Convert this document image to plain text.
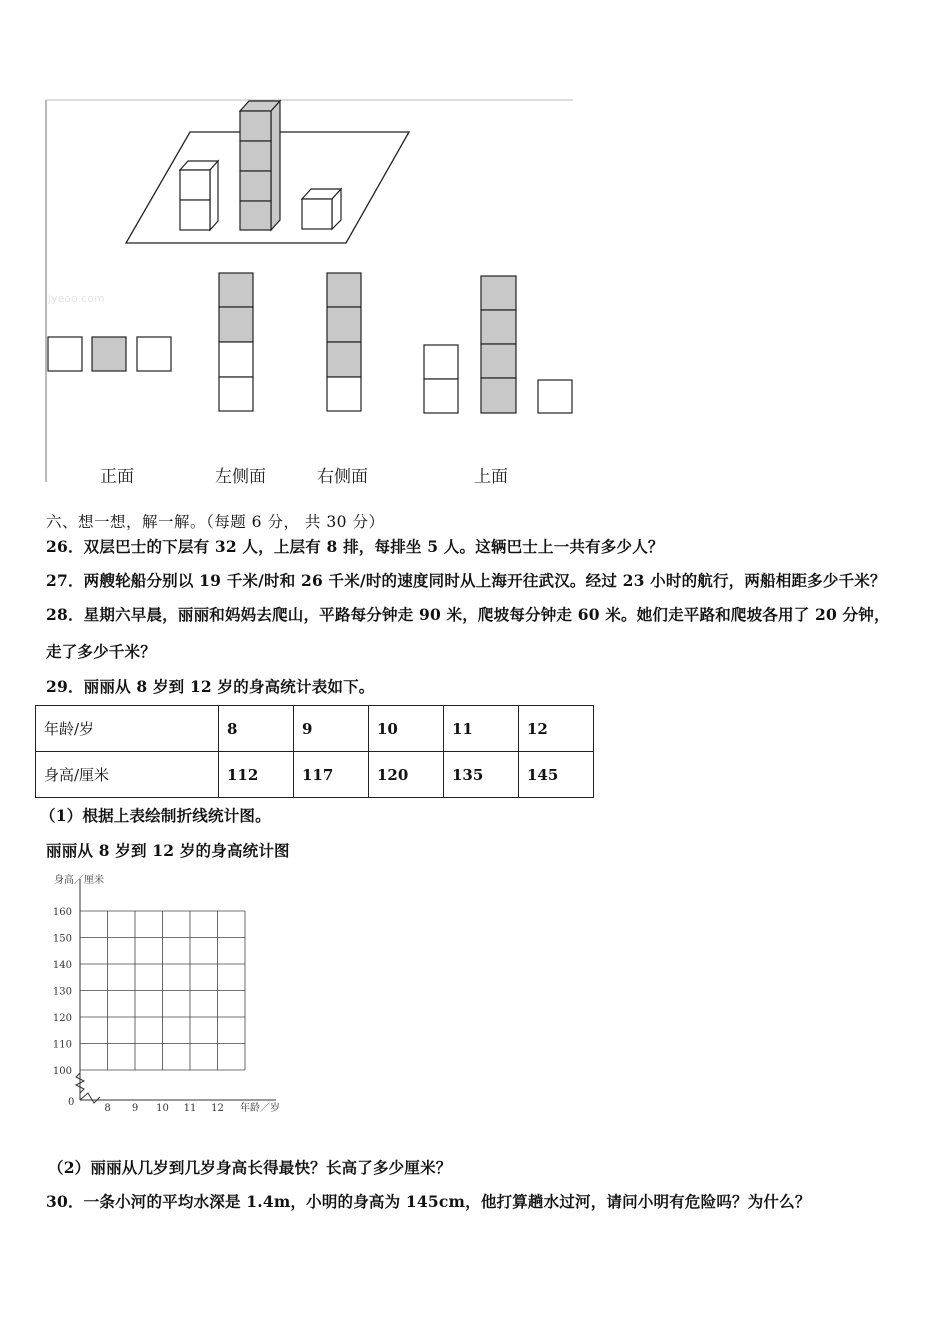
jyeoo.com
正面	左侧面	右侧面	上面
六、想一想，解一解。（每题 6 分， 共 30 分）
26．双层巴士的下层有 32 人，上层有 8 排，每排坐 5 人。这辆巴士上一共有多少人？
27．两艘轮船分别以 19 千米/时和 26 千米/时的速度同时从上海开往武汉。经过 23 小时的航行，两船相距多少千米？
28．星期六早晨，丽丽和妈妈去爬山，平路每分钟走 90 米，爬坡每分钟走 60 米。她们走平路和爬坡各用了 20 分钟，
走了多少千米？
29．丽丽从 8 岁到 12 岁的身高统计表如下。
年龄/岁	8	9	10	11	12
身高/厘米	112	117	120	135	145
（1）根据上表绘制折线统计图。
丽丽从 8 岁到 12 岁的身高统计图
100
110
120
130
140
150
160
0
8 9 10 11 12
身高／厘米
年龄／岁
（2）丽丽从几岁到几岁身高长得最快？长高了多少厘米？
30．一条小河的平均水深是 1.4m，小明的身高为 145cm，他打算趟水过河，请问小明有危险吗？为什么？
